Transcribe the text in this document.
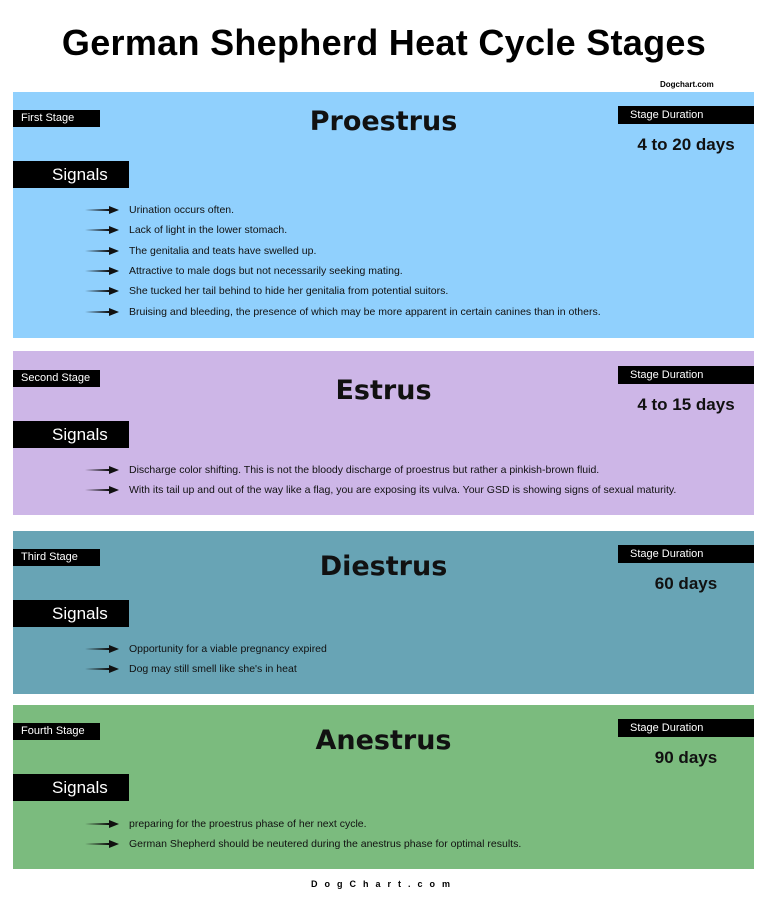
German Shepherd Heat Cycle Stages
Dogchart.com
First Stage	Proestrus	Stage Duration
4 to 20 days
Signals
Urination occurs often.
Lack of light in the lower stomach.
The genitalia and teats have swelled up.
Attractive to male dogs but not necessarily seeking mating.
She tucked her tail behind to hide her genitalia from potential suitors.
Bruising and bleeding, the presence of which may be more apparent in certain canines than in others.
Second Stage	Estrus	Stage Duration
4 to 15 days
Signals
Discharge color shifting. This is not the bloody discharge of proestrus but rather a pinkish-brown fluid.
With its tail up and out of the way like a flag, you are exposing its vulva. Your GSD is showing signs of sexual maturity.
Third Stage	Diestrus	Stage Duration
60 days
Signals
Opportunity for a viable pregnancy expired
Dog may still smell like she's in heat
Fourth Stage	Anestrus	Stage Duration
90 days
Signals
preparing for the proestrus phase of her next cycle.
German Shepherd should be neutered during the anestrus phase for optimal results.
DogChart.com
